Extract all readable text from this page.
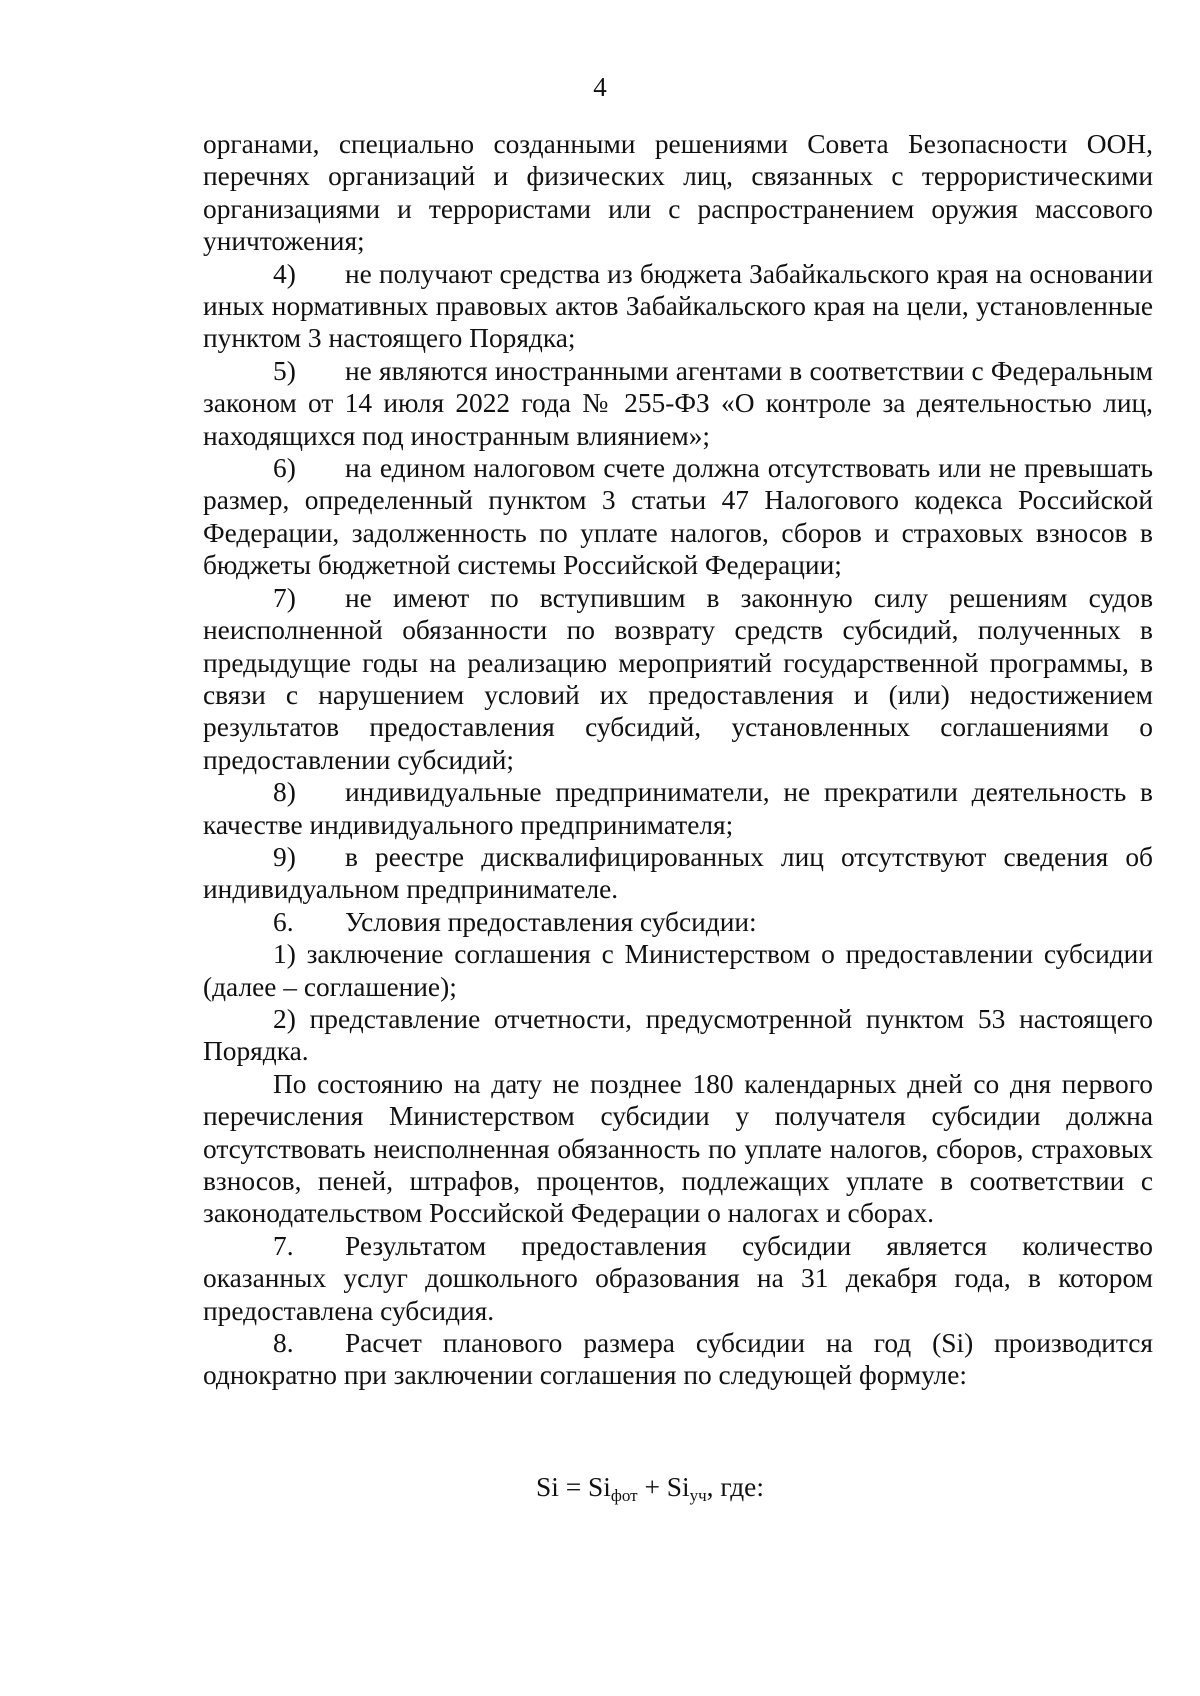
4

органами, специально созданными решениями Совета Безопасности ООН, перечнях организаций и физических лиц, связанных с террористическими организациями и террористами или с распространением оружия массового уничтожения;

4) не получают средства из бюджета Забайкальского края на основании иных нормативных правовых актов Забайкальского края на цели, установленные пунктом 3 настоящего Порядка;

5) не являются иностранными агентами в соответствии с Федеральным законом от 14 июля 2022 года № 255-ФЗ «О контроле за деятельностью лиц, находящихся под иностранным влиянием»;

6) на едином налоговом счете должна отсутствовать или не превышать размер, определенный пунктом 3 статьи 47 Налогового кодекса Российской Федерации, задолженность по уплате налогов, сборов и страховых взносов в бюджеты бюджетной системы Российской Федерации;

7) не имеют по вступившим в законную силу решениям судов неисполненной обязанности по возврату средств субсидий, полученных в предыдущие годы на реализацию мероприятий государственной программы, в связи с нарушением условий их предоставления и (или) недостижением результатов предоставления субсидий, установленных соглашениями о предоставлении субсидий;

8) индивидуальные предприниматели, не прекратили деятельность в качестве индивидуального предпринимателя;

9) в реестре дисквалифицированных лиц отсутствуют сведения об индивидуальном предпринимателе.

6. Условия предоставления субсидии:

1) заключение соглашения с Министерством о предоставлении субсидии (далее – соглашение);

2) представление отчетности, предусмотренной пунктом 53 настоящего Порядка.

По состоянию на дату не позднее 180 календарных дней со дня первого перечисления Министерством субсидии у получателя субсидии должна отсутствовать неисполненная обязанность по уплате налогов, сборов, страховых взносов, пеней, штрафов, процентов, подлежащих уплате в соответствии с законодательством Российской Федерации о налогах и сборах.

7. Результатом предоставления субсидии является количество оказанных услуг дошкольного образования на 31 декабря года, в котором предоставлена субсидия.

8. Расчет планового размера субсидии на год (Si) производится однократно при заключении соглашения по следующей формуле:

$Si = Si_{фот} + Si_{уч}$, где:
